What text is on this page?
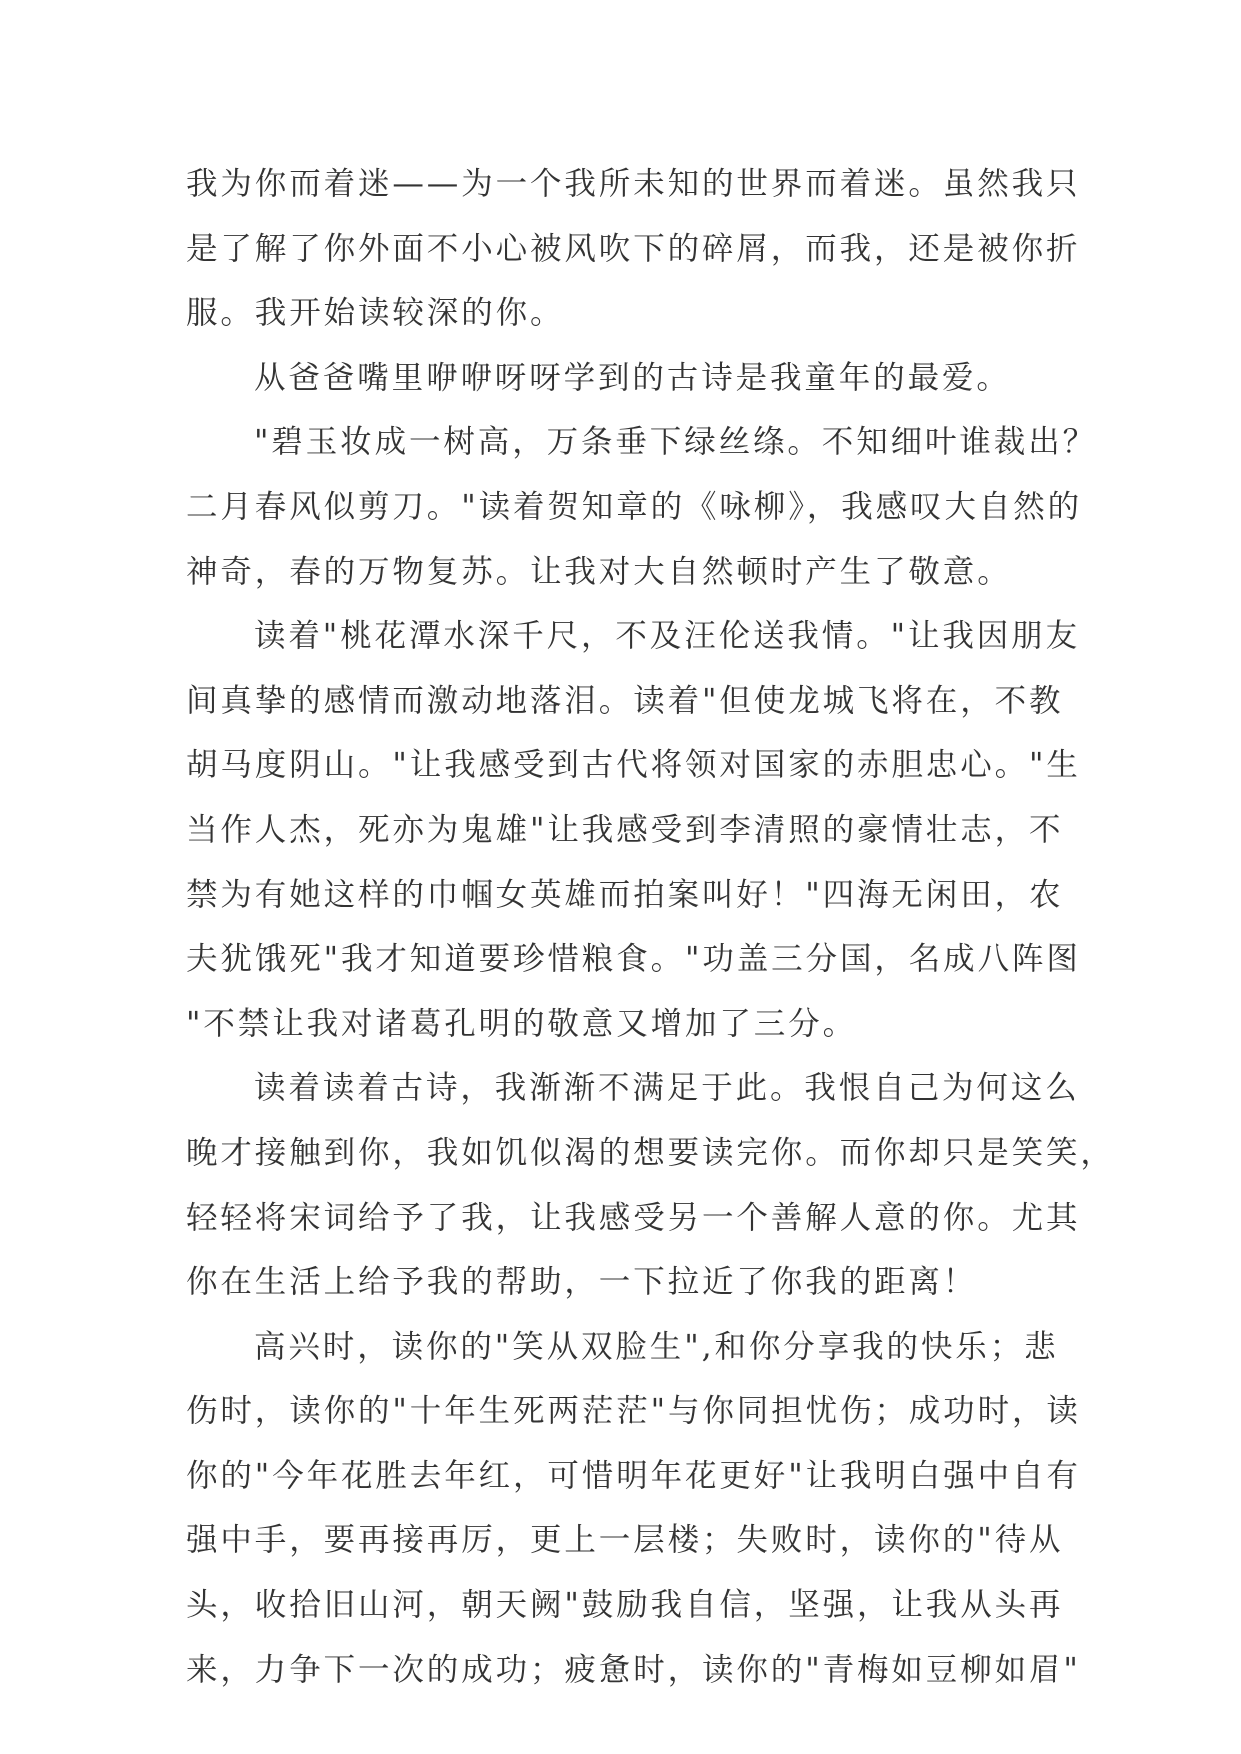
我为你而着迷——为一个我所未知的世界而着迷。虽然我只
是了解了你外面不小心被风吹下的碎屑，而我，还是被你折
服。我开始读较深的你。
从爸爸嘴里咿咿呀呀学到的古诗是我童年的最爱。
"碧玉妆成一树高，万条垂下绿丝绦。不知细叶谁裁出？
二月春风似剪刀。"读着贺知章的《咏柳》，我感叹大自然的
神奇，春的万物复苏。让我对大自然顿时产生了敬意。
读着"桃花潭水深千尺，不及汪伦送我情。"让我因朋友
间真挚的感情而激动地落泪。读着"但使龙城飞将在，不教
胡马度阴山。"让我感受到古代将领对国家的赤胆忠心。"生
当作人杰，死亦为鬼雄"让我感受到李清照的豪情壮志，不
禁为有她这样的巾帼女英雄而拍案叫好！"四海无闲田，农
夫犹饿死"我才知道要珍惜粮食。"功盖三分国，名成八阵图
"不禁让我对诸葛孔明的敬意又增加了三分。
读着读着古诗，我渐渐不满足于此。我恨自己为何这么
晚才接触到你，我如饥似渴的想要读完你。而你却只是笑笑，
轻轻将宋词给予了我，让我感受另一个善解人意的你。尤其
你在生活上给予我的帮助，一下拉近了你我的距离！
高兴时，读你的"笑从双脸生",和你分享我的快乐；悲
伤时，读你的"十年生死两茫茫"与你同担忧伤；成功时，读
你的"今年花胜去年红，可惜明年花更好"让我明白强中自有
强中手，要再接再厉，更上一层楼；失败时，读你的"待从
头，收拾旧山河，朝天阙"鼓励我自信，坚强，让我从头再
来，力争下一次的成功；疲惫时，读你的"青梅如豆柳如眉"
